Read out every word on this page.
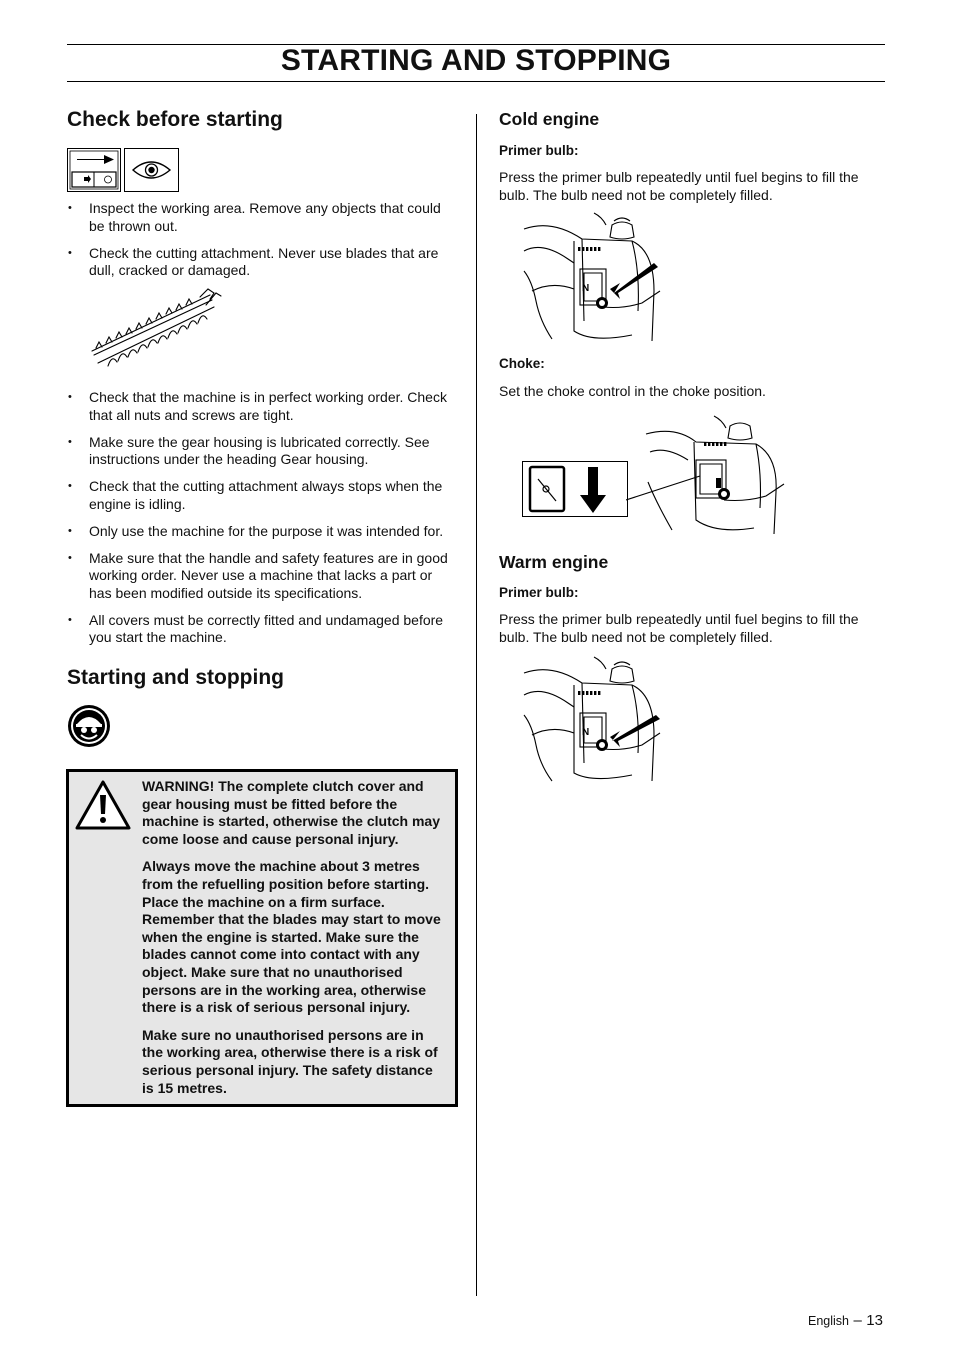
STARTING AND STOPPING
Check before starting
• Inspect the working area. Remove any objects that could be thrown out.
• Check the cutting attachment. Never use blades that are dull, cracked or damaged.
• Check that the machine is in perfect working order. Check that all nuts and screws are tight.
• Make sure the gear housing is lubricated correctly. See instructions under the heading Gear housing.
• Check that the cutting attachment always stops when the engine is idling.
• Only use the machine for the purpose it was intended for.
• Make sure that the handle and safety features are in good working order. Never use a machine that lacks a part or has been modified outside its specifications.
• All covers must be correctly fitted and undamaged before you start the machine.
Starting and stopping

WARNING! The complete clutch cover and gear housing must be fitted before the machine is started, otherwise the clutch may come loose and cause personal injury.

Always move the machine about 3 metres from the refuelling position before starting. Place the machine on a firm surface. Remember that the blades may start to move when the engine is started. Make sure the blades cannot come into contact with any object. Make sure that no unauthorised persons are in the working area, otherwise there is a risk of serious personal injury.

Make sure no unauthorised persons are in the working area, otherwise there is a risk of serious personal injury. The safety distance is 15 metres.

Cold engine
Primer bulb:
Press the primer bulb repeatedly until fuel begins to fill the bulb. The bulb need not be completely filled.
N
Choke:
Set the choke control in the choke position.
Warm engine
Primer bulb:
Press the primer bulb repeatedly until fuel begins to fill the bulb. The bulb need not be completely filled.
N
English – 13
